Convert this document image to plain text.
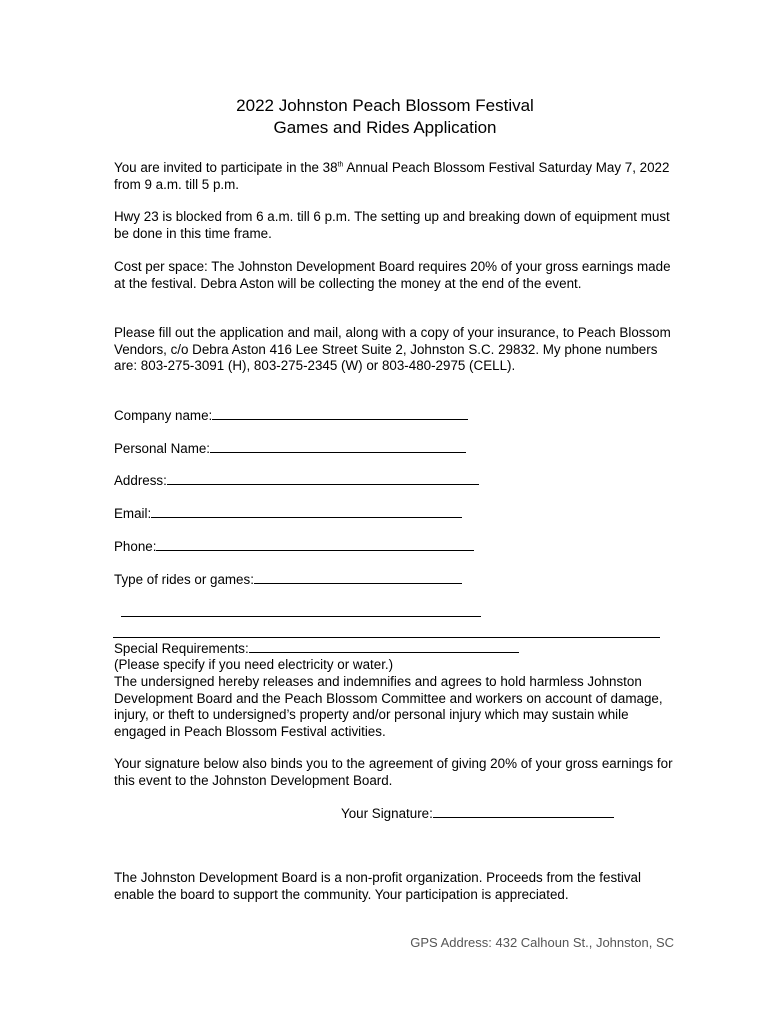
2022 Johnston Peach Blossom Festival
Games and Rides Application

You are invited to participate in the 38th Annual Peach Blossom Festival Saturday May 7, 2022 from 9 a.m. till 5 p.m.

Hwy 23 is blocked from 6 a.m. till 6 p.m. The setting up and breaking down of equipment must be done in this time frame.

Cost per space: The Johnston Development Board requires 20% of your gross earnings made at the festival. Debra Aston will be collecting the money at the end of the event.

Please fill out the application and mail, along with a copy of your insurance, to Peach Blossom Vendors, c/o Debra Aston 416 Lee Street Suite 2, Johnston S.C. 29832. My phone numbers are: 803-275-3091 (H), 803-275-2345 (W) or 803-480-2975 (CELL).

Company name:
Personal Name:
Address:
Email:
Phone:
Type of rides or games:
Special Requirements:

(Please specify if you need electricity or water.)

The undersigned hereby releases and indemnifies and agrees to hold harmless Johnston Development Board and the Peach Blossom Committee and workers on account of damage, injury, or theft to undersigned’s property and/or personal injury which may sustain while engaged in Peach Blossom Festival activities.

Your signature below also binds you to the agreement of giving 20% of your gross earnings for this event to the Johnston Development Board.

Your Signature:

The Johnston Development Board is a non-profit organization. Proceeds from the festival enable the board to support the community. Your participation is appreciated.

GPS Address: 432 Calhoun St., Johnston, SC
